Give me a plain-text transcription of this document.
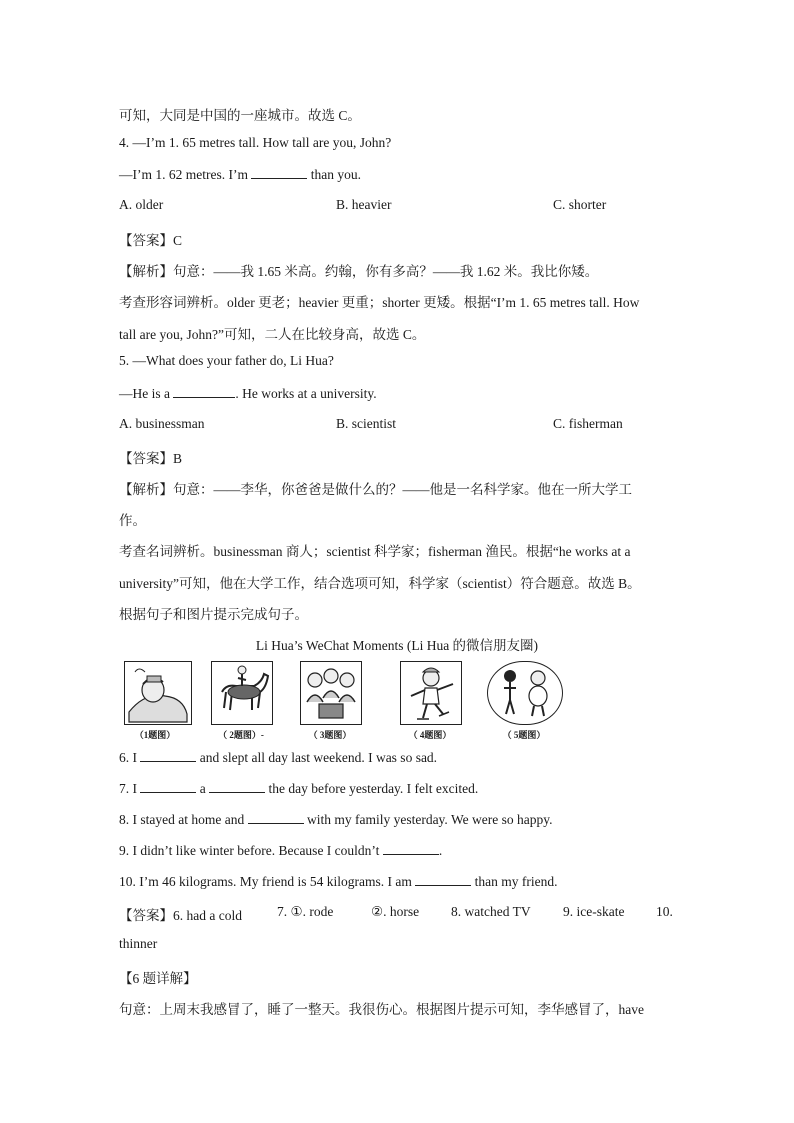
可知，大同是中国的一座城市。故选 C。
4. —I’m 1. 65 metres tall. How tall are you, John?
—I’m 1. 62 metres. I’m	than you.
A. older	B. heavier	C. shorter
【答案】C
【解析】句意：——我 1.65 米高。约翰，你有多高？——我 1.62 米。我比你矮。
考查形容词辨析。older 更老；heavier 更重；shorter 更矮。根据“I’m 1. 65 metres tall. How
tall are you, John?”可知，二人在比较身高，故选 C。
5. —What does your father do, Li Hua?
—He is a	. He works at a university.
A. businessman	B. scientist	C. fisherman
【答案】B
【解析】句意：——李华，你爸爸是做什么的？——他是一名科学家。他在一所大学工
作。
考查名词辨析。businessman 商人；scientist 科学家；fisherman 渔民。根据“he works at a
university”可知，他在大学工作，结合选项可知，科学家（scientist）符合题意。故选 B。
根据句子和图片提示完成句子。
Li Hua’s WeChat Moments (Li Hua 的微信朋友圈)
（1题图）	（ 2题图）-	（ 3题图）	（ 4题图）	（ 5题图）
6. I	and slept all day last weekend. I was so sad.
7. I	a	the day before yesterday. I felt excited.
8. I stayed at home and	with my family yesterday. We were so happy.
9. I didn’t like winter before. Because I couldn’t	.
10. I’m 46 kilograms. My friend is 54 kilograms. I am	than my friend.
【答案】6. had a cold	7. ①. rode	②. horse 8. watched TV 9. ice-skate 10.
thinner
【6 题详解】
句意：上周末我感冒了，睡了一整天。我很伤心。根据图片提示可知，李华感冒了，have
